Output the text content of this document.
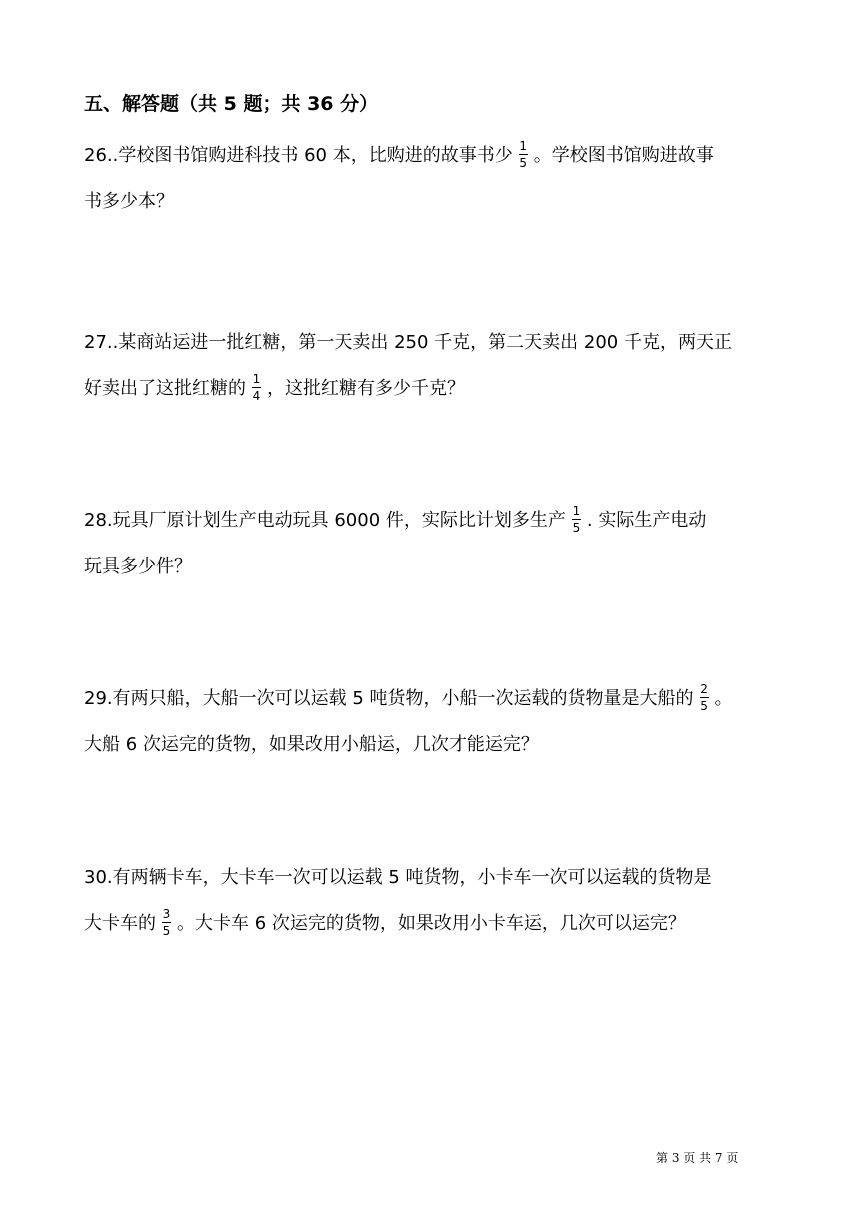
五、解答题（共 5 题；共 36 分）
26..学校图书馆购进科技书 60 本，比购进的故事书少 $\frac{1}{5}$ 。学校图书馆购进故事
书多少本？
27..某商站运进一批红糖，第一天卖出 250 千克，第二天卖出 200 千克，两天正
好卖出了这批红糖的 $\frac{1}{4}$ ，这批红糖有多少千克？
28.玩具厂原计划生产电动玩具 6000 件，实际比计划多生产 $\frac{1}{5}$ . 实际生产电动
玩具多少件？
29.有两只船，大船一次可以运载 5 吨货物，小船一次运载的货物量是大船的 $\frac{2}{5}$ 。
大船 6 次运完的货物，如果改用小船运，几次才能运完？
30.有两辆卡车，大卡车一次可以运载 5 吨货物，小卡车一次可以运载的货物是
大卡车的 $\frac{3}{5}$ 。大卡车 6 次运完的货物，如果改用小卡车运，几次可以运完？
第 3 页 共 7 页
